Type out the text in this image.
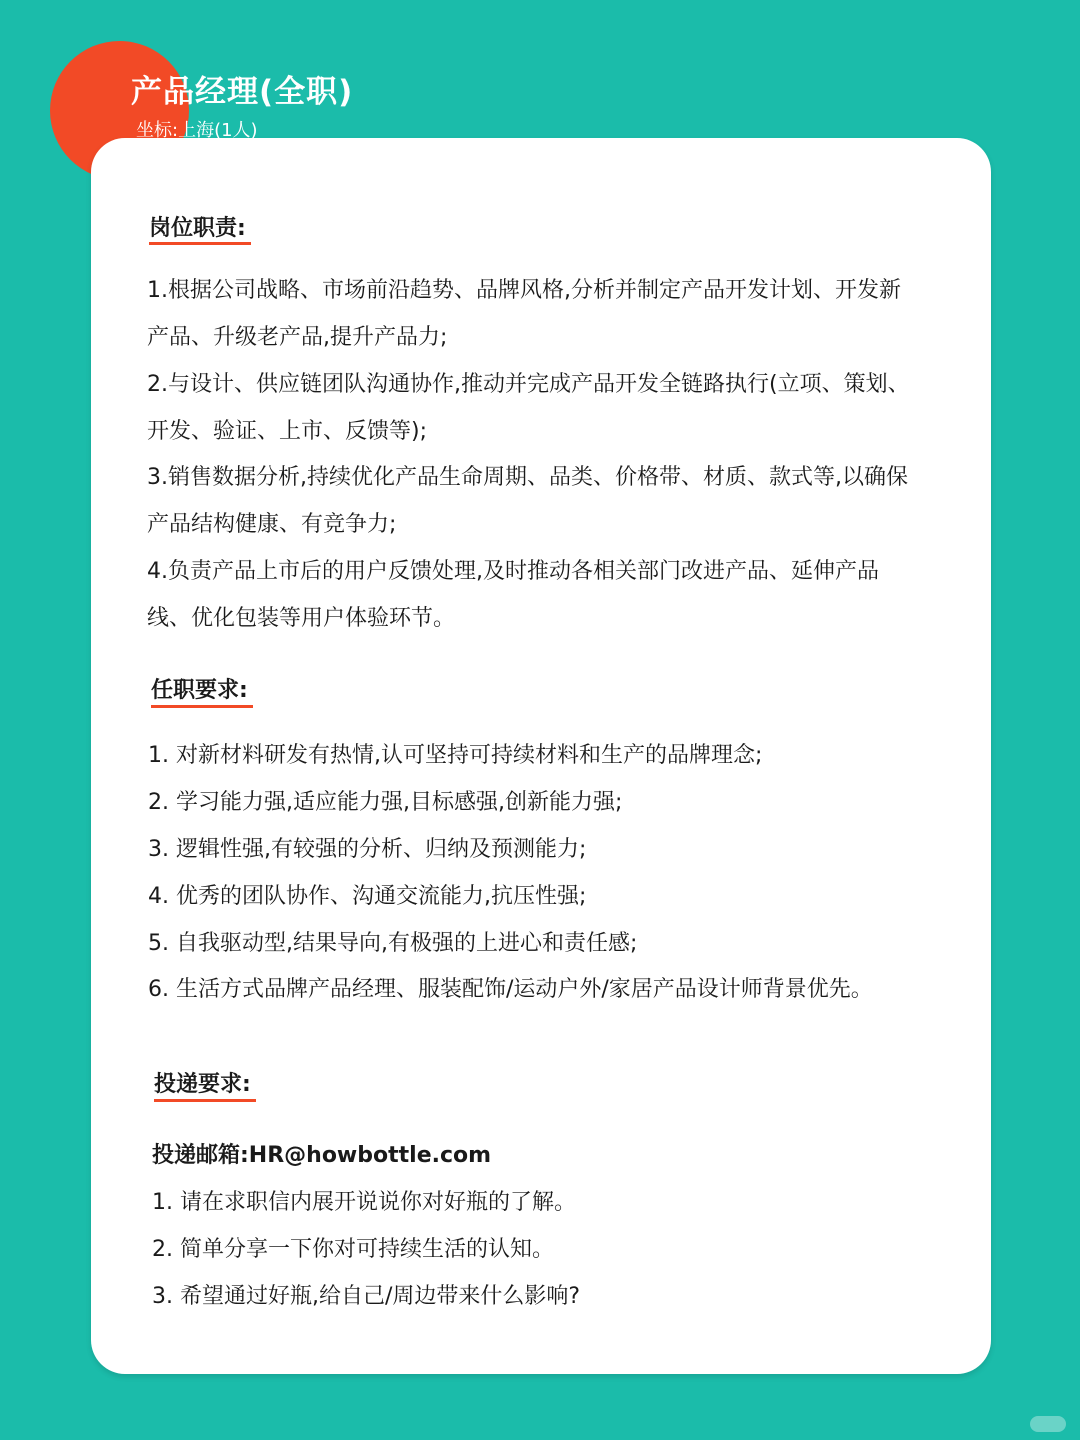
产品经理(全职)
坐标:上海(1人)
岗位职责:
1.根据公司战略、市场前沿趋势、品牌风格,分析并制定产品开发计划、开发新
产品、升级老产品,提升产品力;
2.与设计、供应链团队沟通协作,推动并完成产品开发全链路执行(立项、策划、
开发、验证、上市、反馈等);
3.销售数据分析,持续优化产品生命周期、品类、价格带、材质、款式等,以确保
产品结构健康、有竞争力;
4.负责产品上市后的用户反馈处理,及时推动各相关部门改进产品、延伸产品
线、优化包装等用户体验环节。
任职要求:
1. 对新材料研发有热情,认可坚持可持续材料和生产的品牌理念;
2. 学习能力强,适应能力强,目标感强,创新能力强;
3. 逻辑性强,有较强的分析、归纳及预测能力;
4. 优秀的团队协作、沟通交流能力,抗压性强;
5. 自我驱动型,结果导向,有极强的上进心和责任感;
6. 生活方式品牌产品经理、服装配饰/运动户外/家居产品设计师背景优先。
投递要求:
投递邮箱:HR@howbottle.com
1. 请在求职信内展开说说你对好瓶的了解。
2. 简单分享一下你对可持续生活的认知。
3. 希望通过好瓶,给自己/周边带来什么影响?
